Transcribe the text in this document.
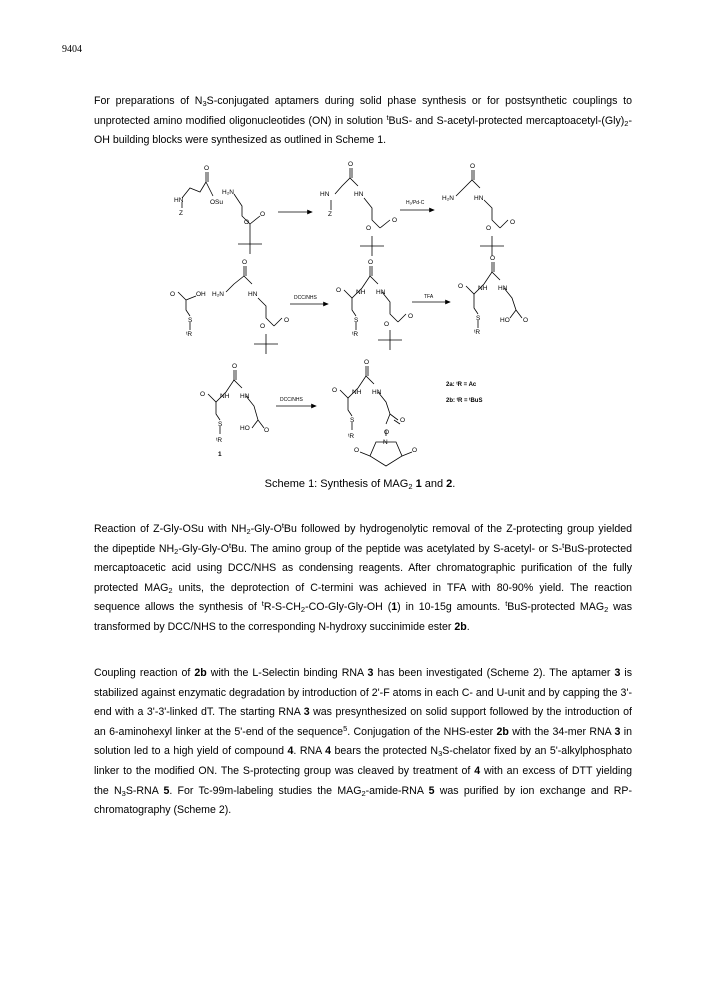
9404

For preparations of $N_3S$-conjugated aptamers during solid phase synthesis or for postsynthetic couplings to unprotected amino modified oligonucleotides (ON) in solution $^t$BuS- and S-acetyl-protected mercaptoacetyl-$(Gly)_2-OH$ building blocks were synthesized as outlined in Scheme 1.

O
H₂N
HN	OSu
Z
O
O
O
HN	HN
Z
O
O
H₂/Pd-C
O
H₂N	HN
O
O
O	OH
S
ᵗR
O
H₂N	HN
O
O
DCC/NHS
O
O NH HN
S
ᵗR
O
O
TFA
O
O NH HN
S
ᵗR
HO O
O
O NH HN
S
HO O
ᵗR
1
DCC/NHS
O
O NH HN
S
ᵗR
O
O
N
O	O
2a: ᵗR = Ac
2b: ᵗR = ᵗBuS
Scheme 1: Synthesis of $MAG_2$ 1 and 2.

Reaction of Z-Gly-OSu with $NH_2-Gly-O^tBu$ followed by hydrogenolytic removal of the Z-protecting group yielded the dipeptide $NH_2-Gly-Gly-O^tBu$. The amino group of the peptide was acetylated by S-acetyl- or S-$^t$BuS-protected mercaptoacetic acid using DCC/NHS as condensing reagents. After chromatographic purification of the fully protected $MAG_2$ units, the deprotection of C-termini was achieved in TFA with 80-90% yield. The reaction sequence allows the synthesis of $^tR-S-CH_2-CO-Gly-Gly-OH$ (1) in 10-15g amounts. $^t$BuS-protected $MAG_2$ was transformed by DCC/NHS to the corresponding N-hydroxy succinimide ester 2b.

Coupling reaction of 2b with the L-Selectin binding RNA 3 has been investigated (Scheme 2). The aptamer 3 is stabilized against enzymatic degradation by introduction of 2'-F atoms in each C- and U-unit and by capping the 3'-end with a 3'-3'-linked dT. The starting RNA 3 was presynthesized on solid support followed by the introduction of an 6-aminohexyl linker at the 5'-end of the sequence$^5$. Conjugation of the NHS-ester 2b with the 34-mer RNA 3 in solution led to a high yield of compound 4. RNA 4 bears the protected $N_3S$-chelator fixed by an 5'-alkylphosphato linker to the modified ON. The S-protecting group was cleaved by treatment of 4 with an excess of DTT yielding the $N_3S$-RNA 5. For Tc-99m-labeling studies the $MAG_2-amide$-RNA 5 was purified by ion exchange and RP-chromatography (Scheme 2).
